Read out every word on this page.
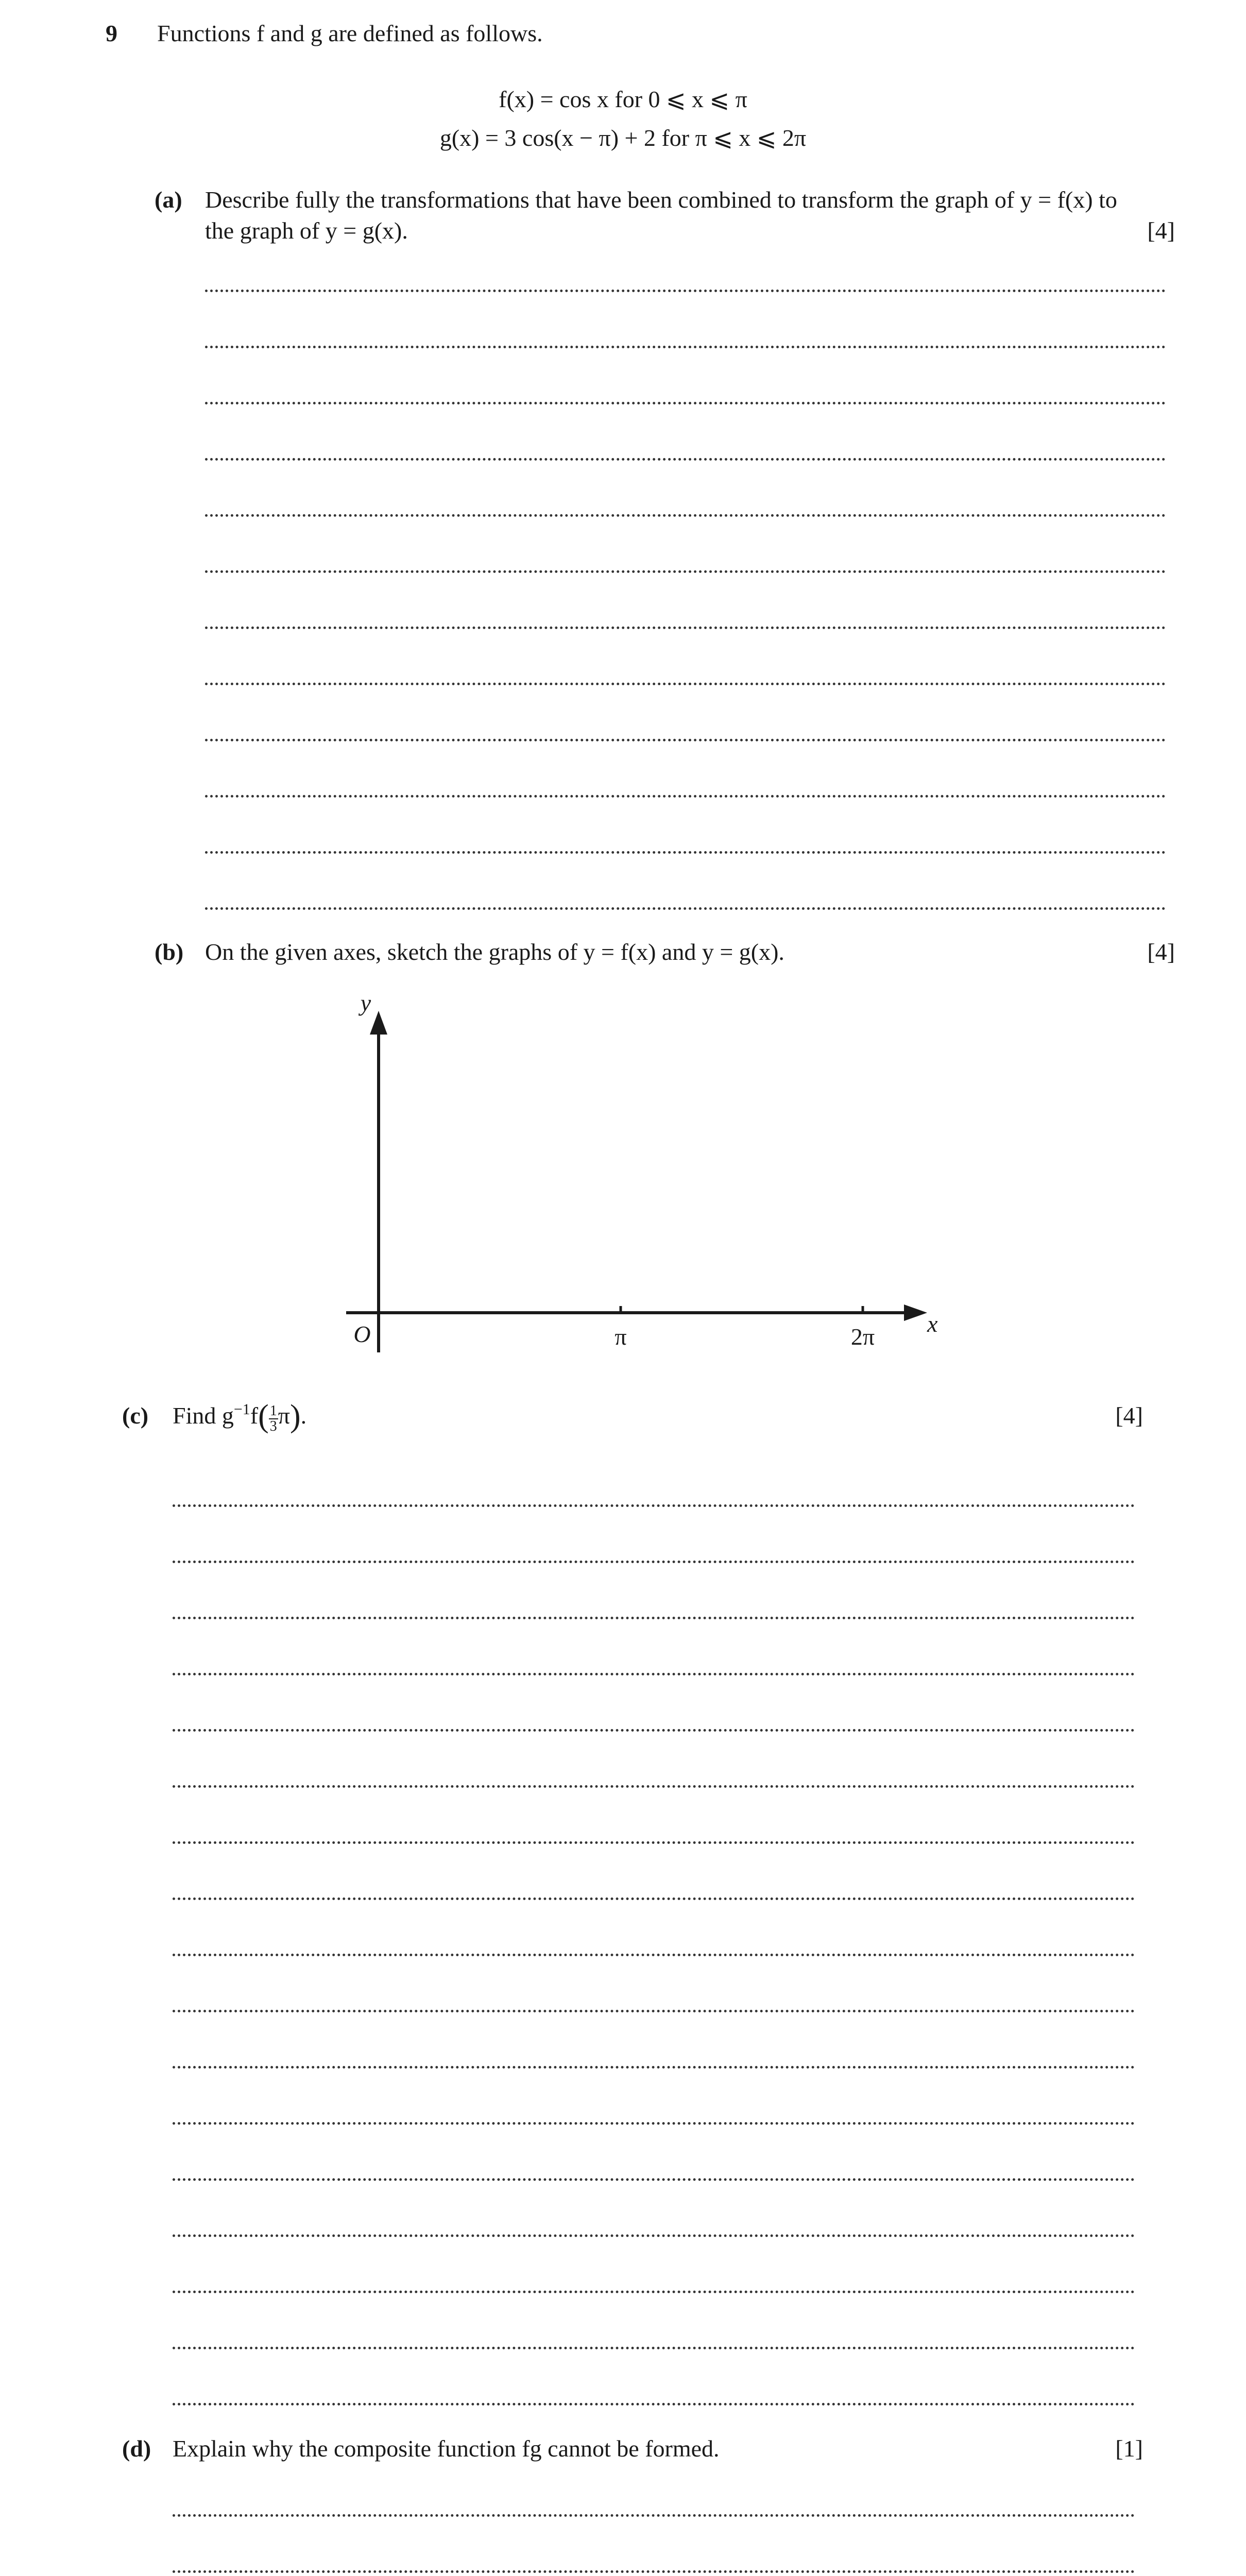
9 Functions f and g are defined as follows.
f(x) = cos x for 0 ⩽ x ⩽ π
g(x) = 3 cos(x − π) + 2 for π ⩽ x ⩽ 2π
(a) Describe fully the transformations that have been combined to transform the graph of y = f(x) to
the graph of y = g(x).	[4]
(b) On the given axes, sketch the graphs of y = f(x) and y = g(x).	[4]
y
x
O	π	2π
(c) Find $g^{-1}f( \frac{1}{3} \pi)$.	[4]
(d) Explain why the composite function fg cannot be formed.	[1]
